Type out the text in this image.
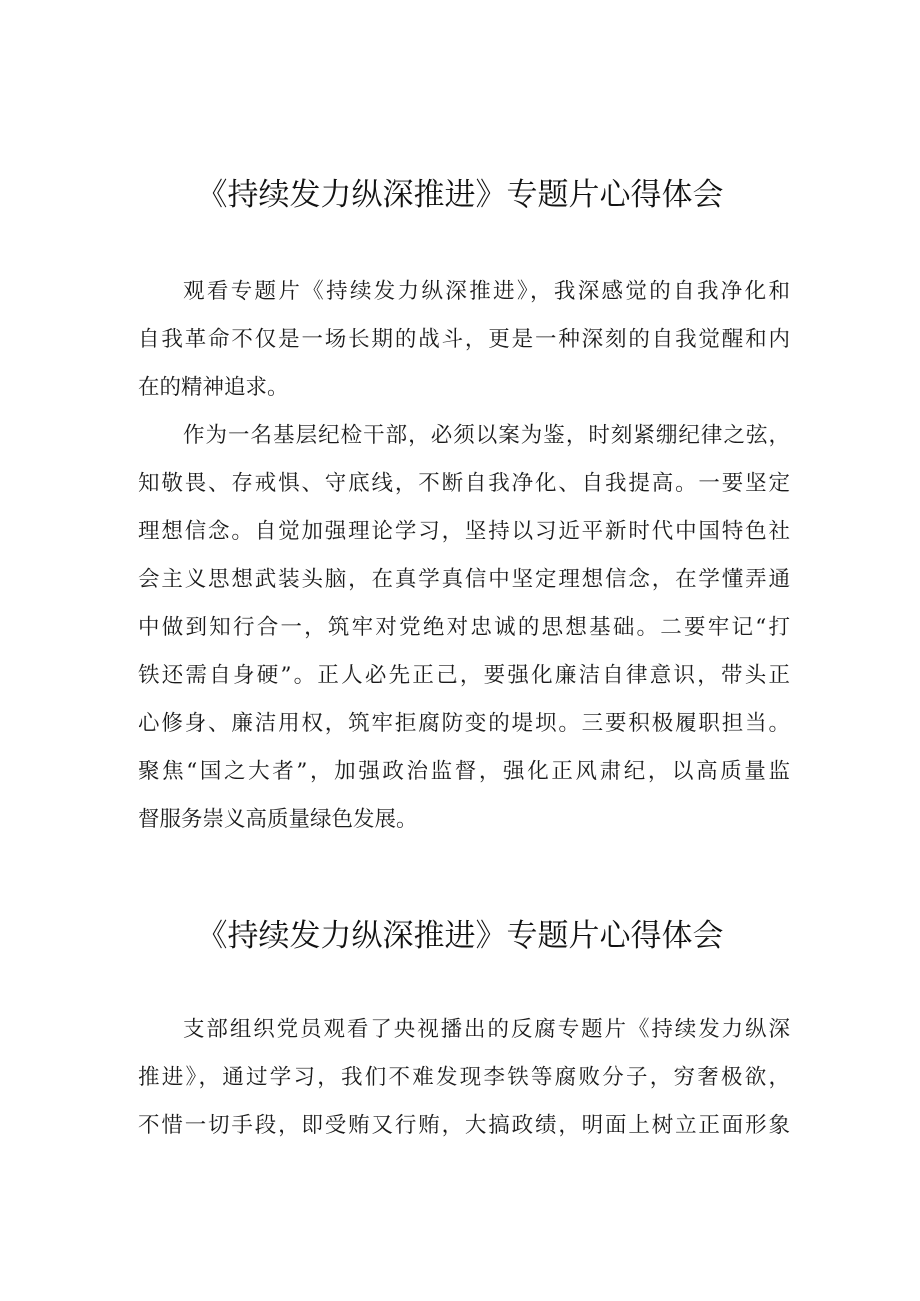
《持续发力纵深推进》专题片心得体会
观看专题片《持续发力纵深推进》，我深感觉的自我净化和
自我革命不仅是一场长期的战斗，更是一种深刻的自我觉醒和内
在的精神追求。
作为一名基层纪检干部，必须以案为鉴，时刻紧绷纪律之弦，
知敬畏、存戒惧、守底线，不断自我净化、自我提高。一要坚定
理想信念。自觉加强理论学习，坚持以习近平新时代中国特色社
会主义思想武装头脑，在真学真信中坚定理想信念，在学懂弄通
中做到知行合一，筑牢对党绝对忠诚的思想基础。二要牢记“打
铁还需自身硬”。正人必先正己，要强化廉洁自律意识，带头正
心修身、廉洁用权，筑牢拒腐防变的堤坝。三要积极履职担当。
聚焦“国之大者”，加强政治监督，强化正风肃纪，以高质量监
督服务崇义高质量绿色发展。
《持续发力纵深推进》专题片心得体会
支部组织党员观看了央视播出的反腐专题片《持续发力纵深
推进》，通过学习，我们不难发现李铁等腐败分子，穷奢极欲，
不惜一切手段，即受贿又行贿，大搞政绩，明面上树立正面形象
